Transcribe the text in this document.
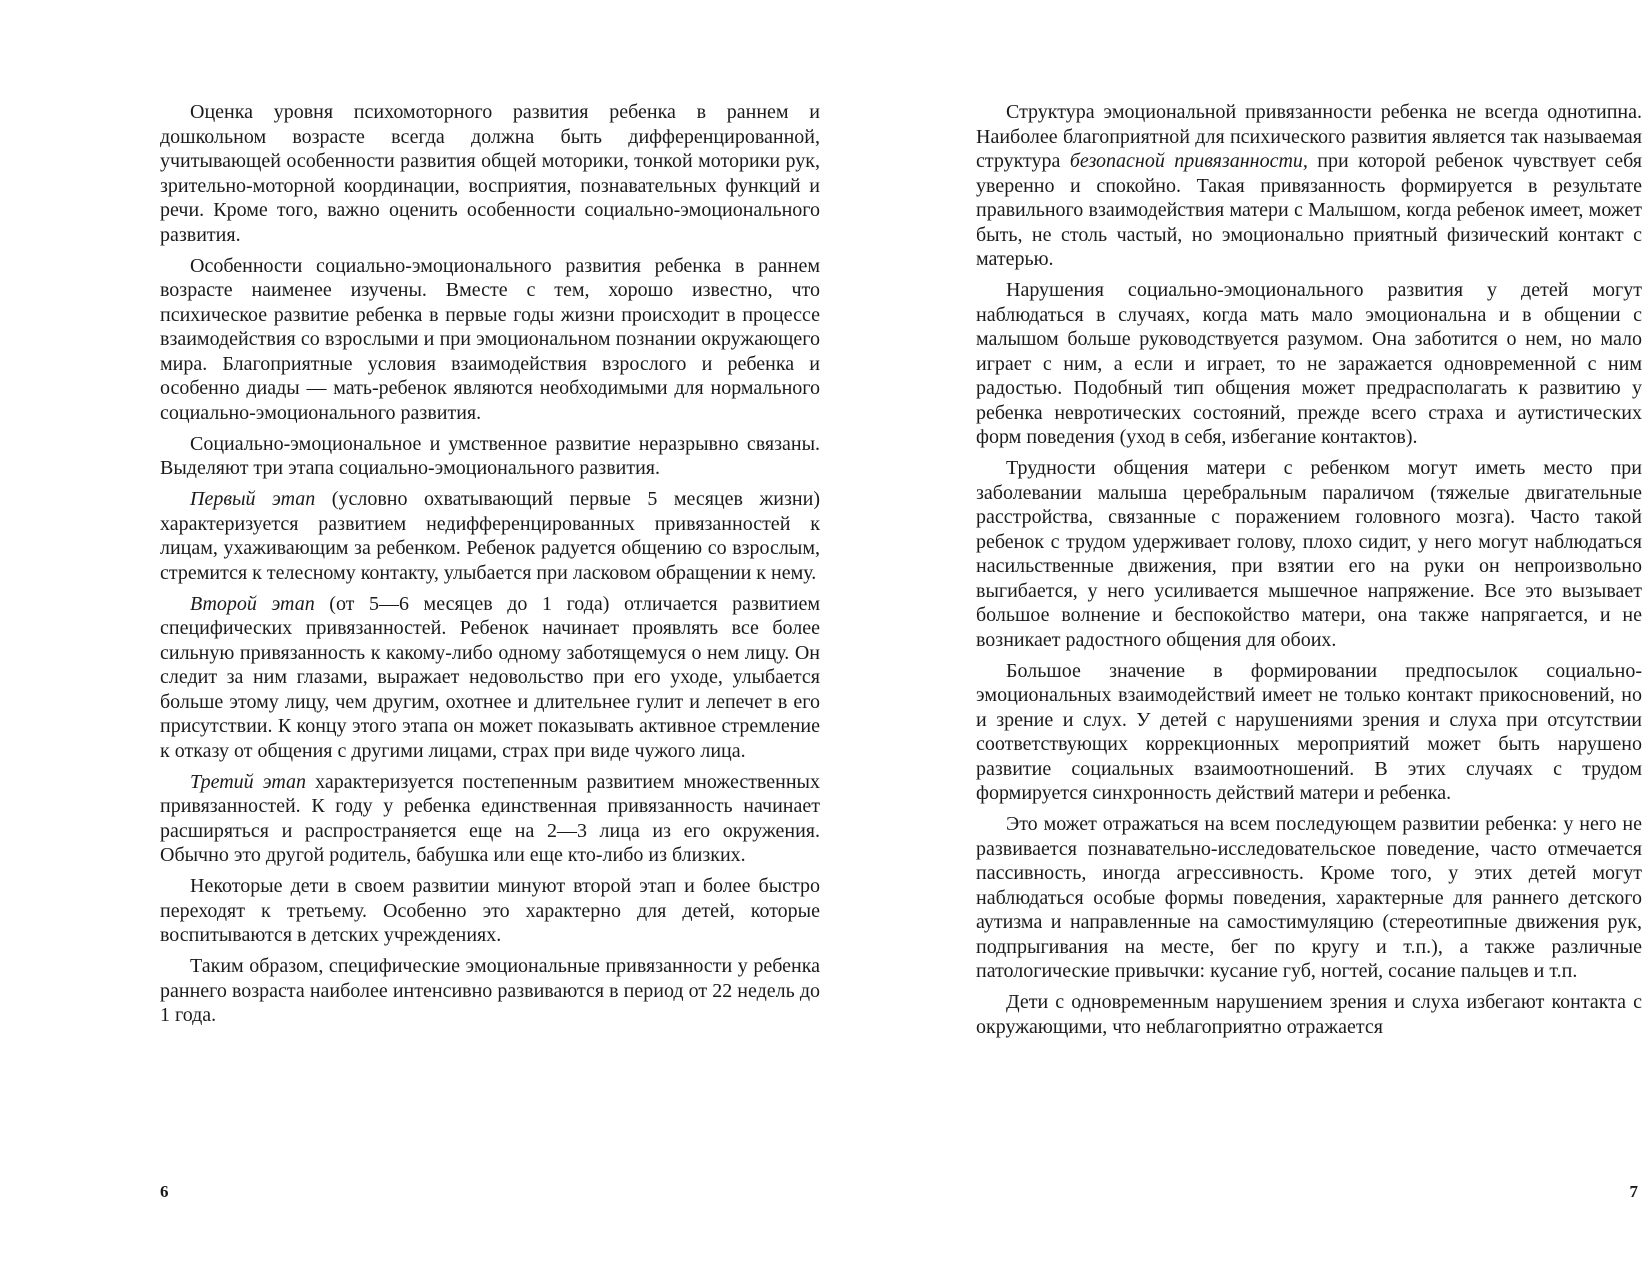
Оценка уровня психомоторного развития ребенка в раннем и дошкольном возрасте всегда должна быть дифференцированной, учитывающей особенности развития общей моторики, тонкой моторики рук, зрительно-моторной координации, восприятия, познавательных функций и речи. Кроме того, важно оценить особенности социально-эмоционального развития.

Особенности социально-эмоционального развития ребенка в раннем возрасте наименее изучены. Вместе с тем, хорошо известно, что психическое развитие ребенка в первые годы жизни происходит в процессе взаимодействия со взрослыми и при эмоциональном познании окружающего мира. Благоприятные условия взаимодействия взрослого и ребенка и особенно диады — мать-ребенок являются необходимыми для нормального социально-эмоционального развития.

Социально-эмоциональное и умственное развитие неразрывно связаны. Выделяют три этапа социально-эмоционального развития.

Первый этап (условно охватывающий первые 5 месяцев жизни) характеризуется развитием недифференцированных привязанностей к лицам, ухаживающим за ребенком. Ребенок радуется общению со взрослым, стремится к телесному контакту, улыбается при ласковом обращении к нему.

Второй этап (от 5—6 месяцев до 1 года) отличается развитием специфических привязанностей. Ребенок начинает проявлять все более сильную привязанность к какому-либо одному заботящемуся о нем лицу. Он следит за ним глазами, выражает недовольство при его уходе, улыбается больше этому лицу, чем другим, охотнее и длительнее гулит и лепечет в его присутствии. К концу этого этапа он может показывать активное стремление к отказу от общения с другими лицами, страх при виде чужого лица.

Третий этап характеризуется постепенным развитием множественных привязанностей. К году у ребенка единственная привязанность начинает расширяться и распространяется еще на 2—3 лица из его окружения. Обычно это другой родитель, бабушка или еще кто-либо из близких.

Некоторые дети в своем развитии минуют второй этап и более быстро переходят к третьему. Особенно это характерно для детей, которые воспитываются в детских учреждениях.

Таким образом, специфические эмоциональные привязанности у ребенка раннего возраста наиболее интенсивно развиваются в период от 22 недель до 1 года.

6

Структура эмоциональной привязанности ребенка не всегда однотипна. Наиболее благоприятной для психического развития является так называемая структура безопасной привязанности, при которой ребенок чувствует себя уверенно и спокойно. Такая привязанность формируется в результате правильного взаимодействия матери с Малышом, когда ребенок имеет, может быть, не столь частый, но эмоционально приятный физический контакт с матерью.

Нарушения социально-эмоционального развития у детей могут наблюдаться в случаях, когда мать мало эмоциональна и в общении с малышом больше руководствуется разумом. Она заботится о нем, но мало играет с ним, а если и играет, то не заражается одновременной с ним радостью. Подобный тип общения может предрасполагать к развитию у ребенка невротических состояний, прежде всего страха и аутистических форм поведения (уход в себя, избегание контактов).

Трудности общения матери с ребенком могут иметь место при заболевании малыша церебральным параличом (тяжелые двигательные расстройства, связанные с поражением головного мозга). Часто такой ребенок с трудом удерживает голову, плохо сидит, у него могут наблюдаться насильственные движения, при взятии его на руки он непроизвольно выгибается, у него усиливается мышечное напряжение. Все это вызывает большое волнение и беспокойство матери, она также напрягается, и не возникает радостного общения для обоих.

Большое значение в формировании предпосылок социально-эмоциональных взаимодействий имеет не только контакт прикосновений, но и зрение и слух. У детей с нарушениями зрения и слуха при отсутствии соответствующих коррекционных мероприятий может быть нарушено развитие социальных взаимоотношений. В этих случаях с трудом формируется синхронность действий матери и ребенка.

Это может отражаться на всем последующем развитии ребенка: у него не развивается познавательно-исследовательское поведение, часто отмечается пассивность, иногда агрессивность. Кроме того, у этих детей могут наблюдаться особые формы поведения, характерные для раннего детского аутизма и направленные на самостимуляцию (стереотипные движения рук, подпрыгивания на месте, бег по кругу и т.п.), а также различные патологические привычки: кусание губ, ногтей, сосание пальцев и т.п.

Дети с одновременным нарушением зрения и слуха избегают контакта с окружающими, что неблагоприятно отражается

7
